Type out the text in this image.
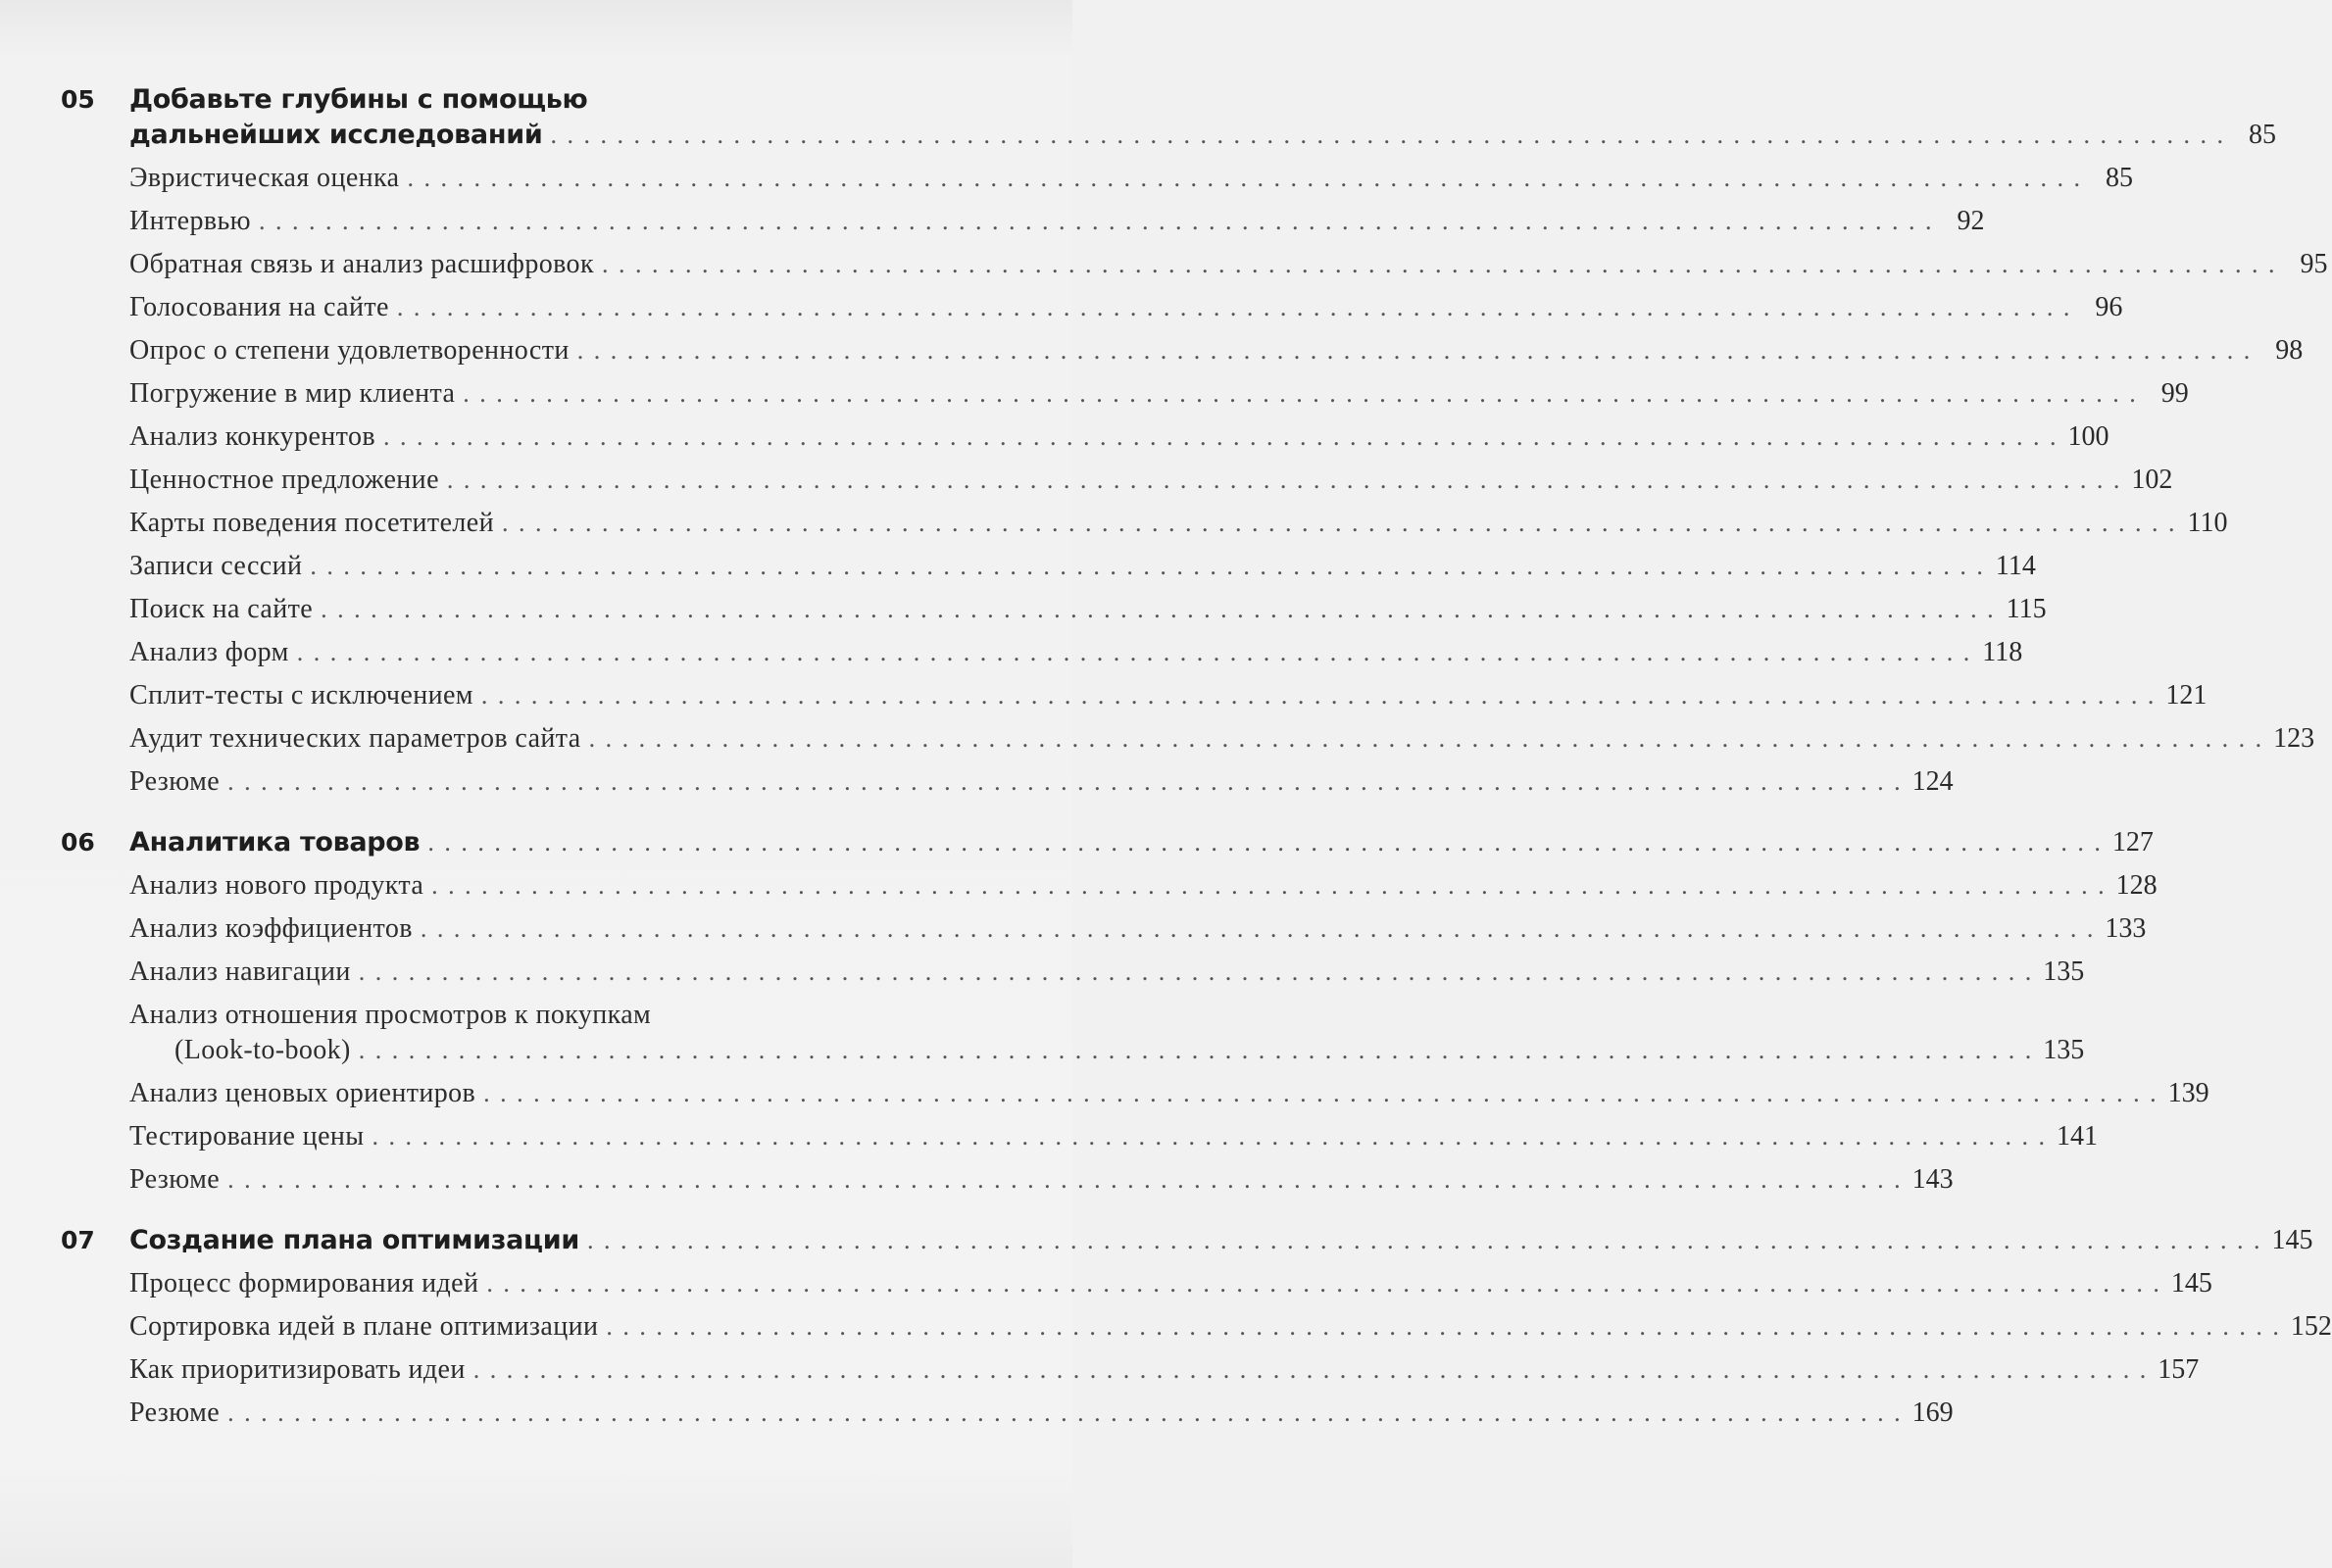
05	Добавьте глубины с помощью
дальнейших исследований . . .	85
Эвристическая оценка . . .	85
Интервью . . .	92
Обратная связь и анализ расшифровок . . .	95
Голосования на сайте . . .	96
Опрос о степени удовлетворенности . . .	98
Погружение в мир клиента . . .	99
Анализ конкурентов . . .	100
Ценностное предложение . . .	102
Карты поведения посетителей . . .	110
Записи сессий . . .	114
Поиск на сайте . . .	115
Анализ форм . . .	118
Сплит-тесты с исключением . . .	121
Аудит технических параметров сайта . . .	123
Резюме . . .	124
06	Аналитика товаров . . .	127
Анализ нового продукта . . .	128
Анализ коэффициентов . . .	133
Анализ навигации . . .	135
Анализ отношения просмотров к покупкам
(Look-to-book) . . .	135
Анализ ценовых ориентиров . . .	139
Тестирование цены . . .	141
Резюме . . .	143
07	Создание плана оптимизации . . .	145
Процесс формирования идей . . .	145
Сортировка идей в плане оптимизации . . .	152
Как приоритизировать идеи . . .	157
Резюме . . .	169
